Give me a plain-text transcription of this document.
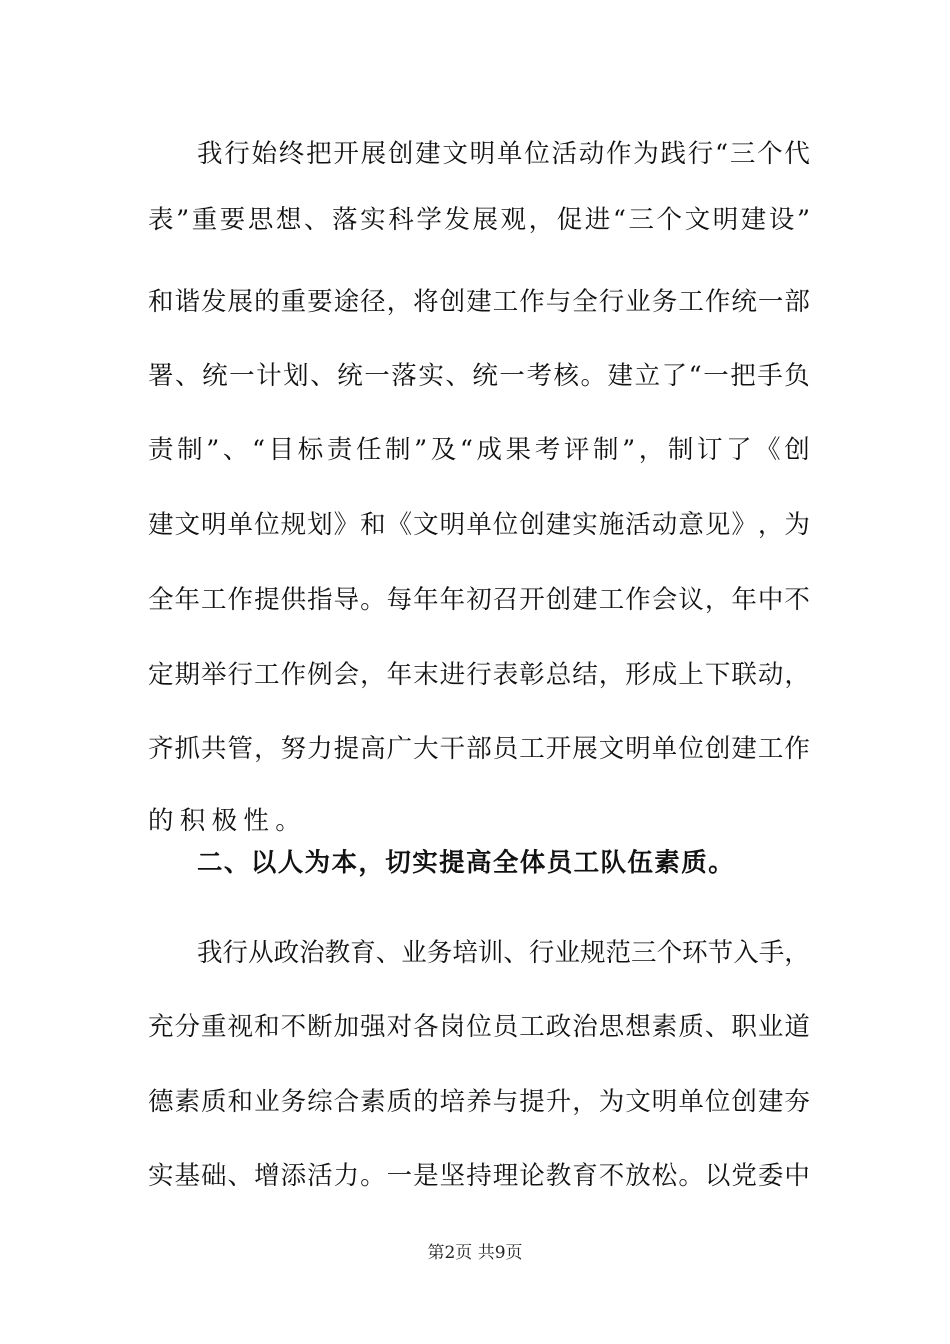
我 行 始 终 把 开 展 创 建 文 明 单 位 活 动 作 为 践 行 “ 三 个 代
表 ” 重 要 思 想 、 落 实 科 学 发 展 观 ， 促 进 “ 三 个 文 明 建 设 ”
和 谐 发 展 的 重 要 途 径 ， 将 创 建 工 作 与 全 行 业 务 工 作 统 一 部
署 、 统 一 计 划 、 统 一 落 实 、 统 一 考 核 。 建 立 了 “ 一 把 手 负
责 制 ” 、 “ 目 标 责 任 制 ” 及 “ 成 果 考 评 制 ” ， 制 订 了 《 创
建 文 明 单 位 规 划 》 和 《 文 明 单 位 创 建 实 施 活 动 意 见 》 ， 为
全 年 工 作 提 供 指 导 。 每 年 年 初 召 开 创 建 工 作 会 议 ， 年 中 不
定 期 举 行 工 作 例 会 ， 年 末 进 行 表 彰 总 结 ， 形 成 上 下 联 动 ，
齐 抓 共 管 ， 努 力 提 高 广 大 干 部 员 工 开 展 文 明 单 位 创 建 工 作
的积极性。
二、以人为本，切实提高全体员工队伍素质。
我 行 从 政 治 教 育 、 业 务 培 训 、 行 业 规 范 三 个 环 节 入 手 ，
充 分 重 视 和 不 断 加 强 对 各 岗 位 员 工 政 治 思 想 素 质 、 职 业 道
德 素 质 和 业 务 综 合 素 质 的 培 养 与 提 升 ， 为 文 明 单 位 创 建 夯
实 基 础 、 增 添 活 力 。 一 是 坚 持 理 论 教 育 不 放 松 。 以 党 委 中
第2页 共9页
